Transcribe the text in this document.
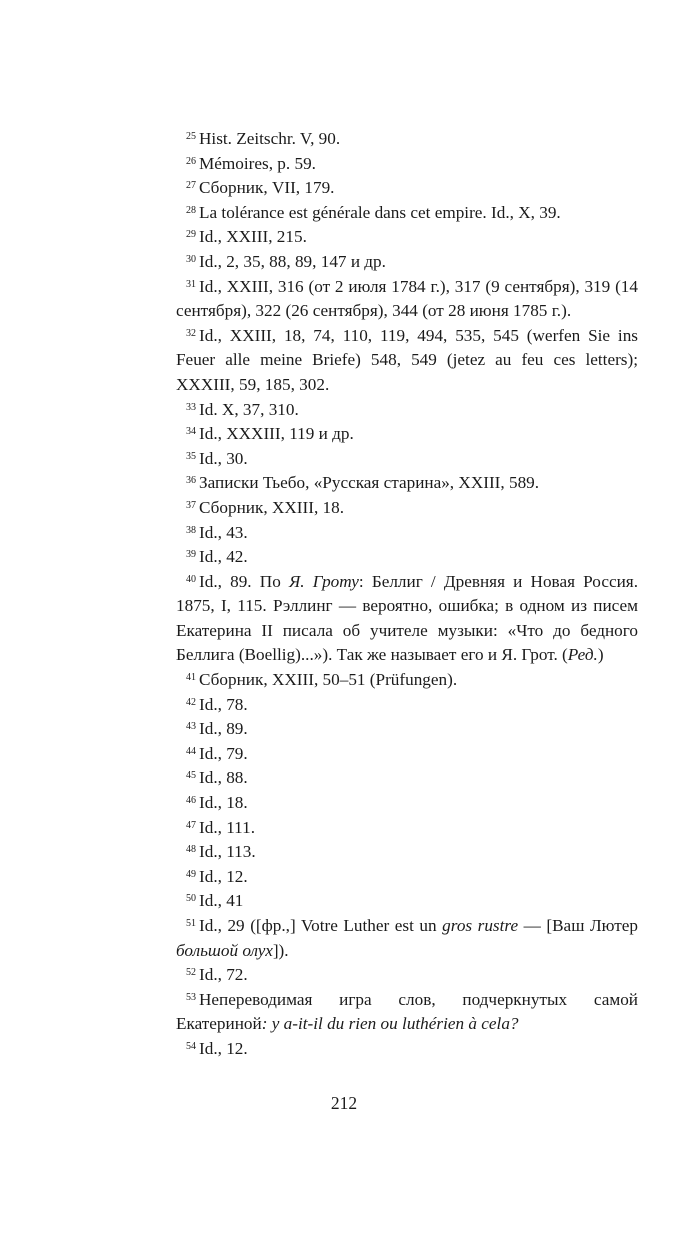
$^{25}$ Hist. Zeitschr. V, 90.

$^{26}$ Mémoires, p. 59.

$^{27}$ Сборник, VII, 179.

$^{28}$ La tolérance est générale dans cet empire. Id., X, 39.

$^{29}$ Id., XXIII, 215.

$^{30}$ Id., 2, 35, 88, 89, 147 и др.

$^{31}$ Id., XXIII, 316 (от 2 июля 1784 г.), 317 (9 сентября), 319 (14 сентября), 322 (26 сентября), 344 (от 28 июня 1785 г.).

$^{32}$ Id., XXIII, 18, 74, 110, 119, 494, 535, 545 (werfen Sie ins Feuer alle meine Briefe) 548, 549 (jetez au feu ces letters); XXXIII, 59, 185, 302.

$^{33}$ Id. X, 37, 310.

$^{34}$ Id., XXXIII, 119 и др.

$^{35}$ Id., 30.

$^{36}$ Записки Тьебо, «Русская старина», XXIII, 589.

$^{37}$ Сборник, XXIII, 18.

$^{38}$ Id., 43.

$^{39}$ Id., 42.

$^{40}$ Id., 89. По Я. Гроту: Беллиг / Древняя и Новая Россия. 1875, I, 115. Рэллинг — вероятно, ошибка; в одном из писем Екатерина II писала об учителе музыки: «Что до бедного Беллига (Boellig)...»). Так же называет его и Я. Грот. (Ред.)

$^{41}$ Сборник, XXIII, 50–51 (Prüfungen).

$^{42}$ Id., 78.

$^{43}$ Id., 89.

$^{44}$ Id., 79.

$^{45}$ Id., 88.

$^{46}$ Id., 18.

$^{47}$ Id., 111.

$^{48}$ Id., 113.

$^{49}$ Id., 12.

$^{50}$ Id., 41

$^{51}$ Id., 29 ([фр.,] Votre Luther est un gros rustre — [Ваш Лютер большой олух]).

$^{52}$ Id., 72.

$^{53}$ Непереводимая игра слов, подчеркнутых самой Екатериной: y a-it-il du rien ou luthérien à cela?

$^{54}$ Id., 12.

212
